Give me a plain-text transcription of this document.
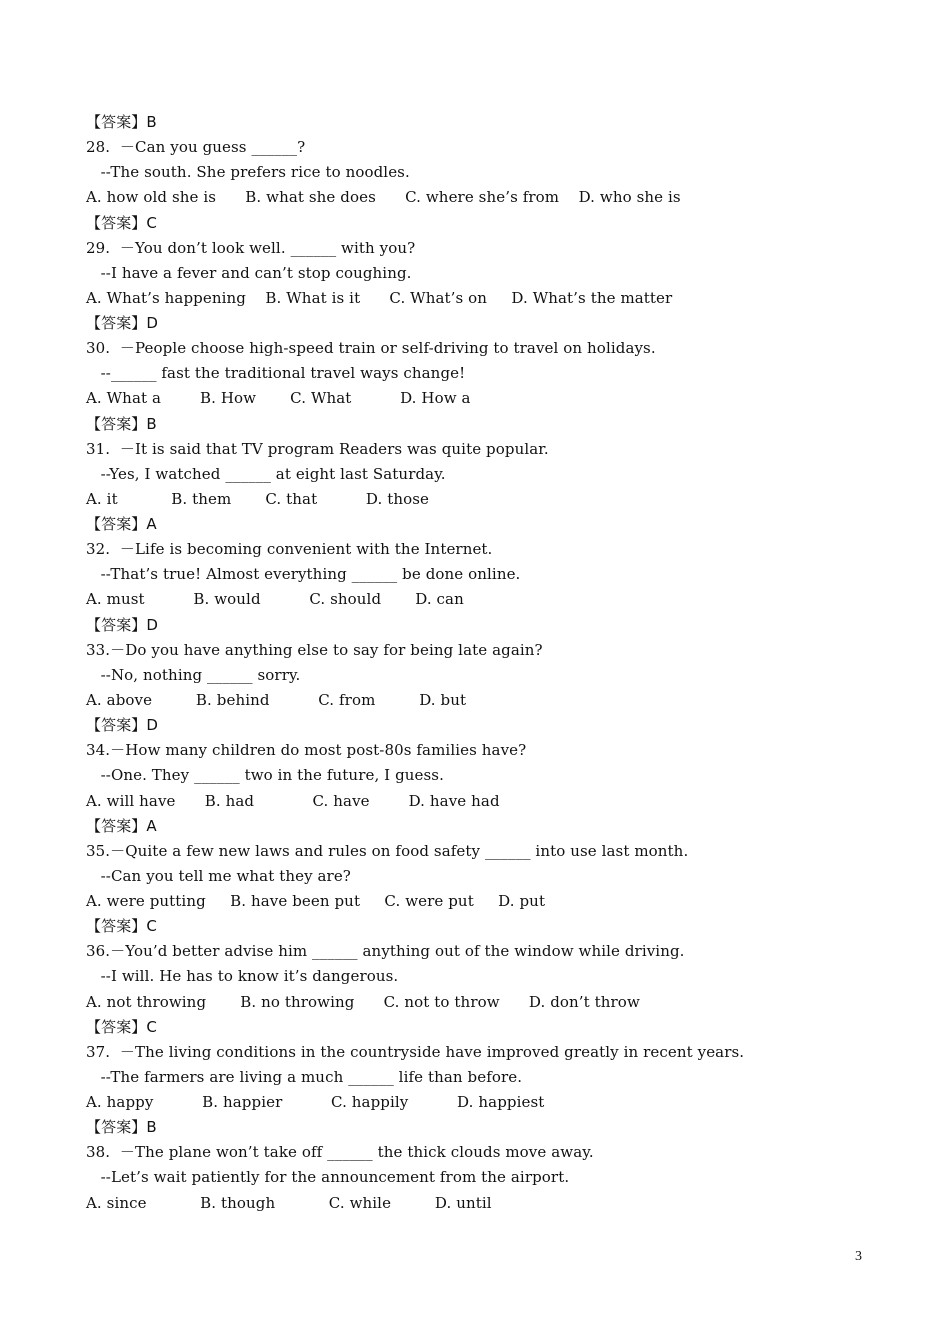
【答案】B
28.  －Can you guess ______?
--The south. She prefers rice to noodles.
A. how old she is      B. what she does      C. where she’s from    D. who she is
【答案】C
29.  －You don’t look well. ______ with you?
--I have a fever and can’t stop coughing.
A. What’s happening    B. What is it      C. What’s on     D. What’s the matter
【答案】D
30.  －People choose high-speed train or self-driving to travel on holidays.
--______ fast the traditional travel ways change!
A. What a        B. How       C. What          D. How a
【答案】B
31.  －It is said that TV program Readers was quite popular.
--Yes, I watched ______ at eight last Saturday.
A. it           B. them       C. that          D. those
【答案】A
32.  －Life is becoming convenient with the Internet.
--That’s true! Almost everything ______ be done online.
A. must          B. would          C. should       D. can
【答案】D
33.－Do you have anything else to say for being late again?
--No, nothing ______ sorry.
A. above         B. behind          C. from         D. but
【答案】D
34.－How many children do most post-80s families have?
--One. They ______ two in the future, I guess.
A. will have      B. had            C. have        D. have had
【答案】A
35.－Quite a few new laws and rules on food safety ______ into use last month.
--Can you tell me what they are?
A. were putting     B. have been put     C. were put     D. put
【答案】C
36.－You’d better advise him ______ anything out of the window while driving.
--I will. He has to know it’s dangerous.
A. not throwing       B. no throwing      C. not to throw      D. don’t throw
【答案】C
37.  －The living conditions in the countryside have improved greatly in recent years.
--The farmers are living a much ______ life than before.
A. happy          B. happier          C. happily          D. happiest
【答案】B
38.  －The plane won’t take off ______ the thick clouds move away.
--Let’s wait patiently for the announcement from the airport.
A. since           B. though           C. while         D. until
3
